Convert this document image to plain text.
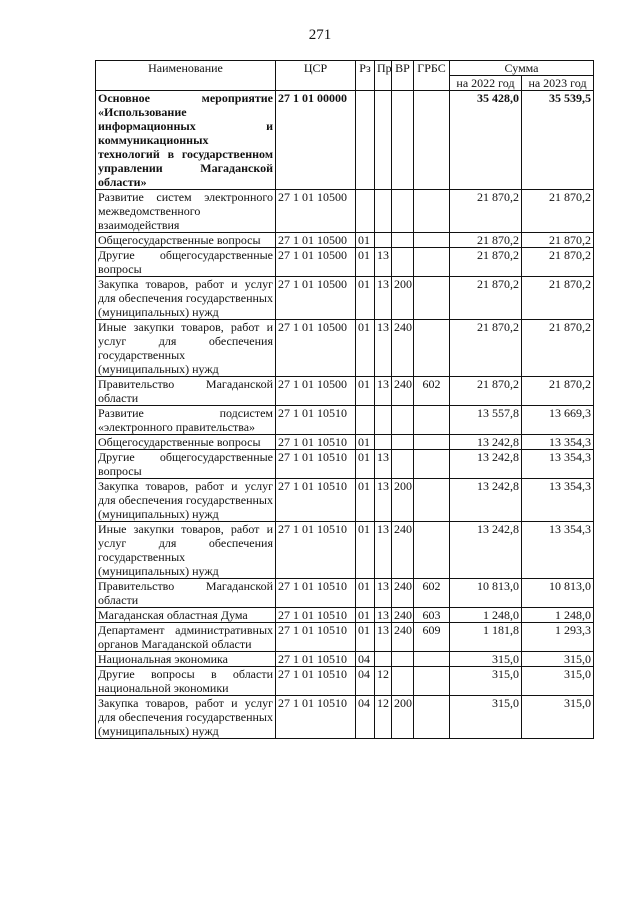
271
Наименование	ЦСР	Рз	Пр	ВР	ГРБС	Сумма	
						на 2022 год	на 2023 год
Основное мероприятие «Использование информационных и коммуникационных технологий в государственном управлении Магаданской области»	27 1 01 00000					35 428,0	35 539,5
Развитие систем электронного межведомственного взаимодействия	27 1 01 10500					21 870,2	21 870,2
Общегосударственные вопросы	27 1 01 10500	01				21 870,2	21 870,2
Другие общегосударственные вопросы	27 1 01 10500	01	13			21 870,2	21 870,2
Закупка товаров, работ и услуг для обеспечения государственных (муниципальных) нужд	27 1 01 10500	01	13	200		21 870,2	21 870,2
Иные закупки товаров, работ и услуг для обеспечения государственных (муниципальных) нужд	27 1 01 10500	01	13	240		21 870,2	21 870,2
Правительство Магаданской области	27 1 01 10500	01	13	240	602	21 870,2	21 870,2
Развитие подсистем «электронного правительства»	27 1 01 10510					13 557,8	13 669,3
Общегосударственные вопросы	27 1 01 10510	01				13 242,8	13 354,3
Другие общегосударственные вопросы	27 1 01 10510	01	13			13 242,8	13 354,3
Закупка товаров, работ и услуг для обеспечения государственных (муниципальных) нужд	27 1 01 10510	01	13	200		13 242,8	13 354,3
Иные закупки товаров, работ и услуг для обеспечения государственных (муниципальных) нужд	27 1 01 10510	01	13	240		13 242,8	13 354,3
Правительство Магаданской области	27 1 01 10510	01	13	240	602	10 813,0	10 813,0
Магаданская областная Дума	27 1 01 10510	01	13	240	603	1 248,0	1 248,0
Департамент административных органов Магаданской области	27 1 01 10510	01	13	240	609	1 181,8	1 293,3
Национальная экономика	27 1 01 10510	04				315,0	315,0
Другие вопросы в области национальной экономики	27 1 01 10510	04	12			315,0	315,0
Закупка товаров, работ и услуг для обеспечения государственных (муниципальных) нужд	27 1 01 10510	04	12	200		315,0	315,0
